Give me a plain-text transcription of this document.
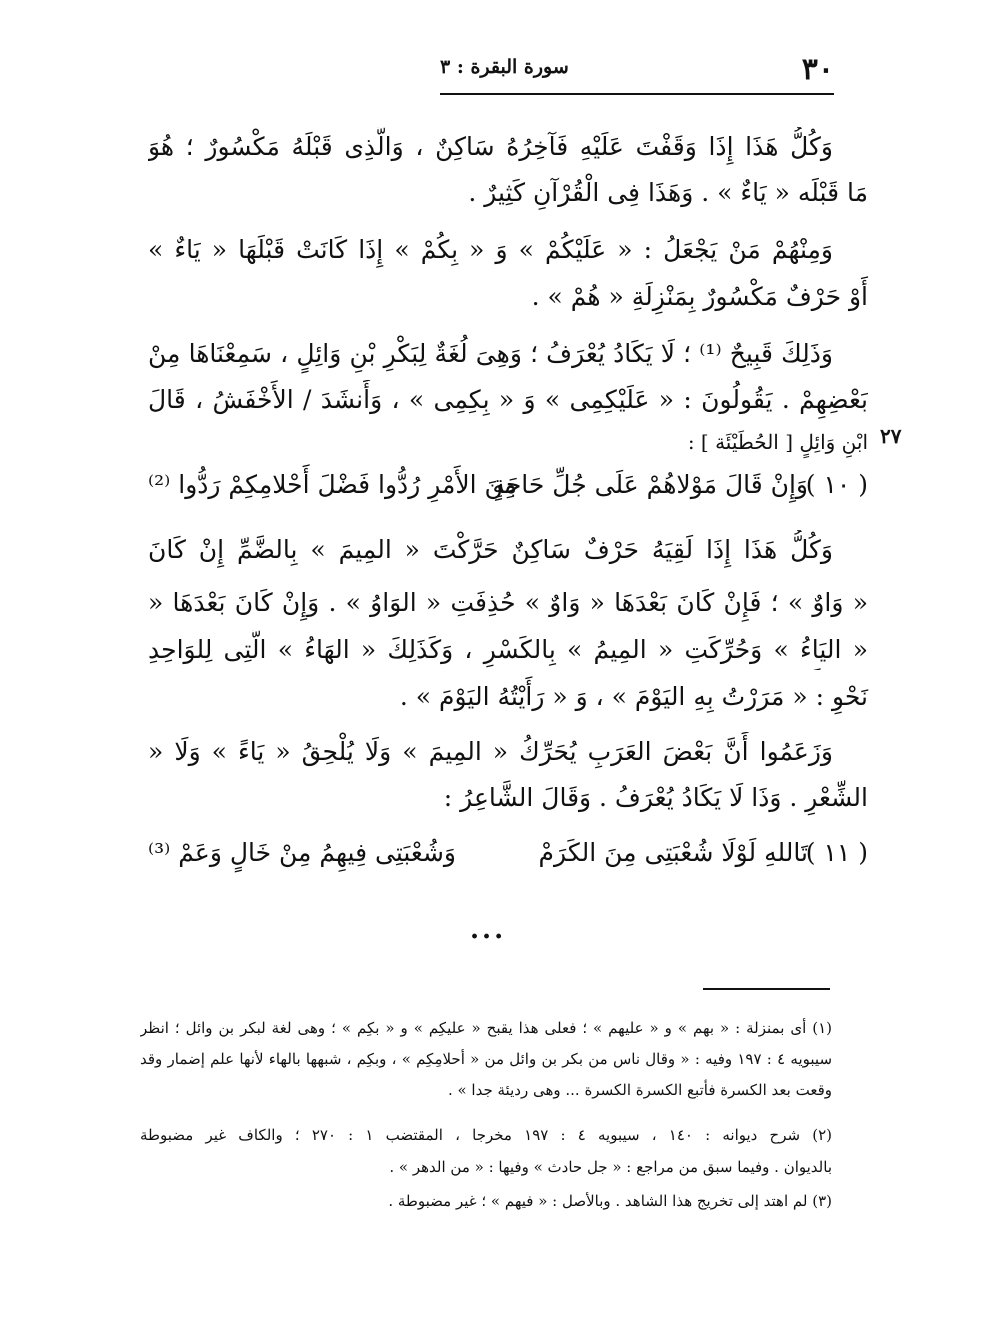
٣٠
سورة البقرة : ٣
٢٧
وَكُلُّ هَذَا إِذَا وَقَفْتَ عَلَيْهِ فَآخِرُهُ سَاكِنٌ ، وَالَّذِى قَبْلَهُ مَكْسُورٌ ؛ هُوَ
مَا قَبْلَه « يَاءٌ » . وَهَذَا فِى الْقُرْآنِ كَثِيرٌ .
وَمِنْهُمْ مَنْ يَجْعَلُ : « عَلَيْكُمْ » وَ « بِكُمْ » إِذَا كَانَتْ قَبْلَهَا « يَاءٌ »
أَوْ حَرْفٌ مَكْسُورٌ بِمَنْزِلَةِ « هُمْ » .
وَذَلِكَ قَبِيحٌ ⁽¹⁾ ؛ لَا يَكَادُ يُعْرَفُ ؛ وَهِىَ لُغَةٌ لِبَكْرِ بْنِ وَائِلٍ ، سَمِعْنَاهَا مِنْ
بَعْضِهِمْ . يَقُولُونَ : « عَلَيْكِمِى » وَ « بِكِمِى » ، وَأَنشَدَ / الأَخْفَشُ ، قَالَ
ابْنِ وَائِلٍ [ الحُطَيْئَة ] :
( ١٠ )
وَإِنْ قَالَ مَوْلاهُمْ عَلَى جُلِّ حَاجَةٍ
مِنَ الأَمْرِ رُدُّوا فَضْلَ أَحْلامِكِمْ رَدُّوا ⁽²⁾
وَكُلُّ هَذَا إِذَا لَقِيَهُ حَرْفٌ سَاكِنٌ حَرَّكْتَ « المِيمَ » بِالضَّمِّ إِنْ كَانَ
« وَاوٌ » ؛ فَإِنْ كَانَ بَعْدَهَا « وَاوٌ » حُذِفَتِ « الوَاوُ » . وَإِنْ كَانَ بَعْدَهَا «
« اليَاءُ » وَحُرِّكَتِ « المِيمُ » بِالكَسْرِ ، وَكَذَلِكَ « الهَاءُ » الَّتِى لِلوَاحِدِ
نَحْوِ : « مَرَرْتُ بِهِ اليَوْمَ » ، وَ « رَأَيْتُهُ اليَوْمَ » .
وَزَعَمُوا أَنَّ بَعْضَ العَرَبِ يُحَرِّكُ « المِيمَ » وَلَا يُلْحِقُ « يَاءً » وَلَا «
الشِّعْرِ . وَذَا لَا يَكَادُ يُعْرَفُ . وَقَالَ الشَّاعِرُ :
( ١١ )
تَاللهِ لَوْلَا شُعْبَتِى مِنَ الكَرَمْ
وَشُعْبَتِى فِيهِمُ مِنْ خَالٍ وَعَمْ ⁽³⁾
...
(١) أى بمنزلة : « بهم » و « عليهم » ؛ فعلى هذا يقبح « عليكِم » و « بكِم » ؛ وهى لغة لبكر بن وائل ؛ انظر
سيبويه ٤ : ١٩٧ وفيه : « وقال ناس من بكر بن وائل من « أحلامِكِم » ، وبكِم ، شبهها بالهاء لأنها علم إضمار وقد
وقعت بعد الكسرة فأتبع الكسرة الكسرة ... وهى رديئة جدا » .
(٢) شرح ديوانه : ١٤٠ ، سيبويه ٤ : ١٩٧ مخرجا ، المقتضب ١ : ٢٧٠ ؛ والكاف غير مضبوطة
بالديوان . وفيما سبق من مراجع : « جل حادث » وفيها : « من الدهر » .
(٣) لم اهتد إلى تخريج هذا الشاهد . وبالأصل : « فيهم » ؛ غير مضبوطة .
